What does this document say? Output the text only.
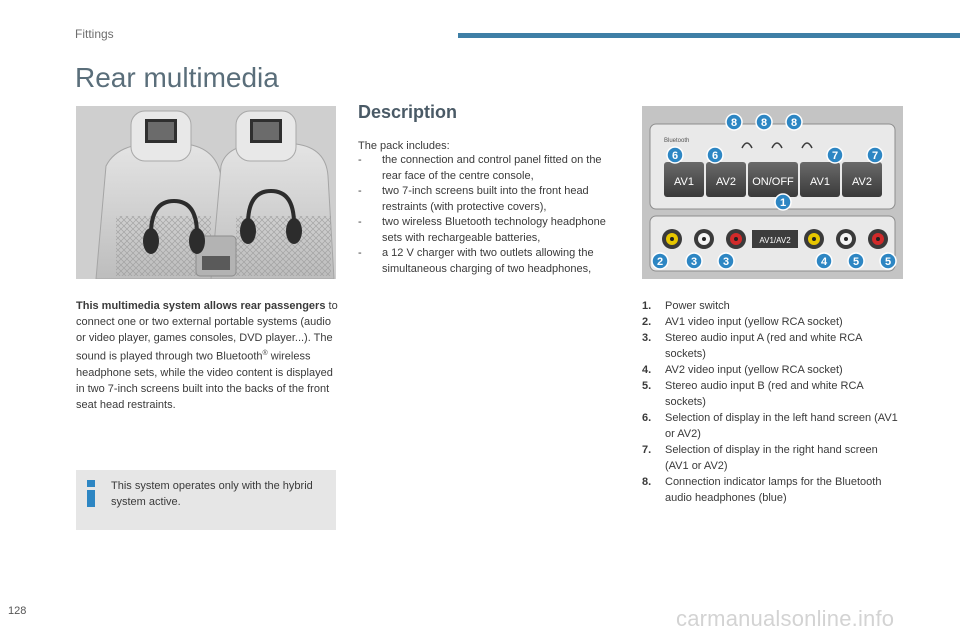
Fittings
Rear multimedia
This multimedia system allows rear passengers to connect one or two external portable systems (audio or video player, games consoles, DVD player...). The sound is played through two Bluetooth® wireless headphone sets, while the video content is displayed in two 7-inch screens built into the backs of the front seat head restraints.
This system operates only with the hybrid system active.
Description
The pack includes:
- the connection and control panel fitted on the rear face of the centre console,
- two 7-inch screens built into the front head restraints (with protective covers),
- two wireless Bluetooth technology headphone sets with rechargeable batteries,
- a 12 V charger with two outlets allowing the simultaneous charging of two headphones,
Bluetooth
AV1 AV2 ON/OFF AV1 AV2
AV1/AV2
8 8 8
6	6	7	7
1
2	3 3	4 5 5
1. Power switch
2. AV1 video input (yellow RCA socket)
3. Stereo audio input A (red and white RCA sockets)
4. AV2 video input (yellow RCA socket)
5. Stereo audio input B (red and white RCA sockets)
6. Selection of display in the left hand screen (AV1 or AV2)
7. Selection of display in the right hand screen (AV1 or AV2)
8. Connection indicator lamps for the Bluetooth audio headphones (blue)
128	carmanualsonline.info
